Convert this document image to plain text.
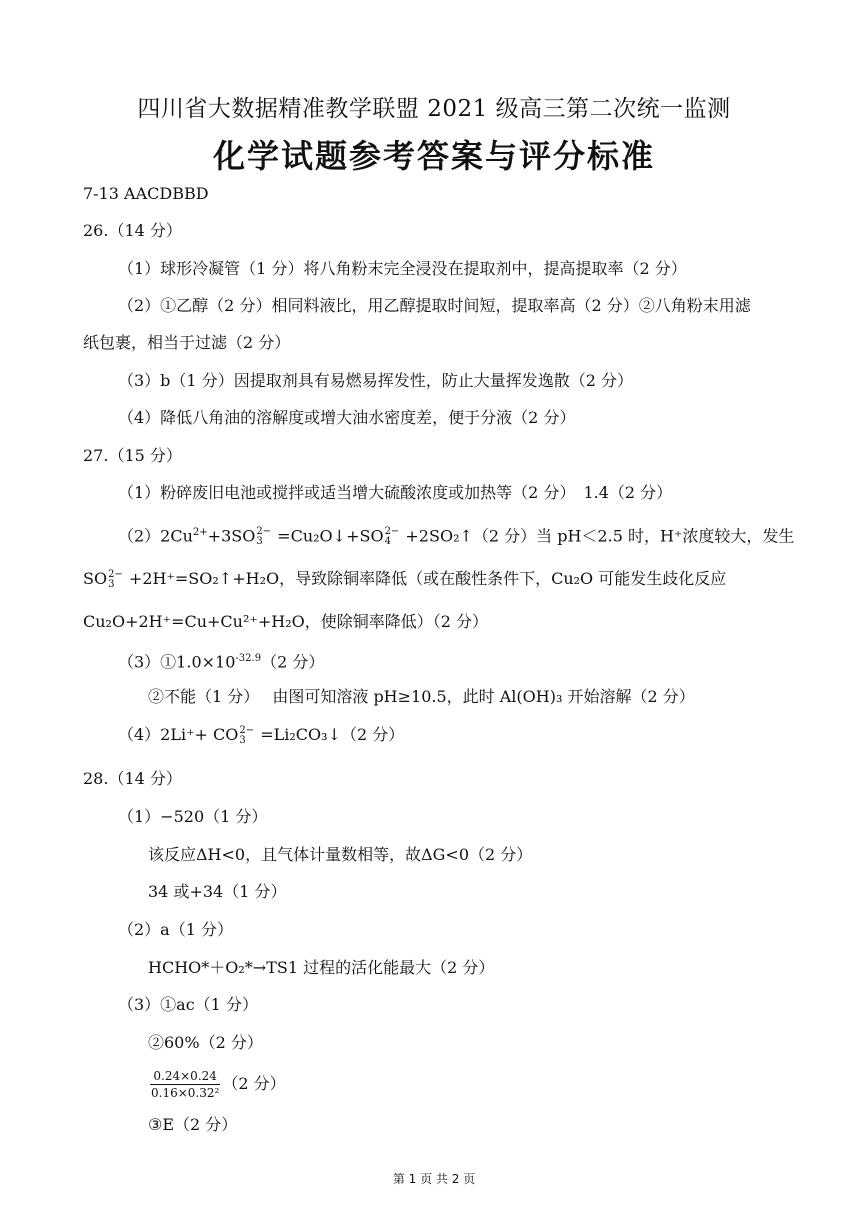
四川省大数据精准教学联盟 2021 级高三第二次统一监测
化学试题参考答案与评分标准
7-13 AACDBBD
26.（14 分）
（1）球形冷凝管（1 分）将八角粉末完全浸没在提取剂中，提高提取率（2 分）
（2）①乙醇（2 分）相同料液比，用乙醇提取时间短，提取率高（2 分）②八角粉末用滤
纸包裹，相当于过滤（2 分）
（3）b（1 分）因提取剂具有易燃易挥发性，防止大量挥发逸散（2 分）
（4）降低八角油的溶解度或增大油水密度差，便于分液（2 分）
27.（15 分）
（1）粉碎废旧电池或搅拌或适当增大硫酸浓度或加热等（2 分）　1.4（2 分）
$(2)2Cu^{2+}+3SO$ 2−
3 =Cu₂O↓+SO 2−
4 +2SO₂↑（2 分）当 pH＜2.5 时，H⁺浓度较大，发生
SO 2−
3 +2H⁺=SO₂↑+H₂O，导致除铜率降低（或在酸性条件下，Cu₂O 可能发生歧化反应
Cu₂O+2H⁺=Cu+Cu²⁺+H₂O，使除铜率降低）（2 分）
$(3)①1.0\times 10^{-32.9}(2$ 分）
②不能（1 分）　 由图可知溶液 pH≥10.5，此时 Al(OH)₃ 开始溶解（2 分）
（4）2Li⁺+ CO 2−
3 =Li₂CO₃↓（2 分）
28.（14 分）
（1）−520（1 分）
该反应ΔH<0，且气体计量数相等，故ΔG<0（2 分）
34 或+34（1 分）
（2）a（1 分）
HCHO*＋O₂*→TS1 过程的活化能最大（2 分）
（3）①ac（1 分）
②60%（2 分）
$\frac{0.24\times 0.24}{\text{0.16×0.32²}} (2$ 分）
③E（2 分）
第 1 页 共 2 页
